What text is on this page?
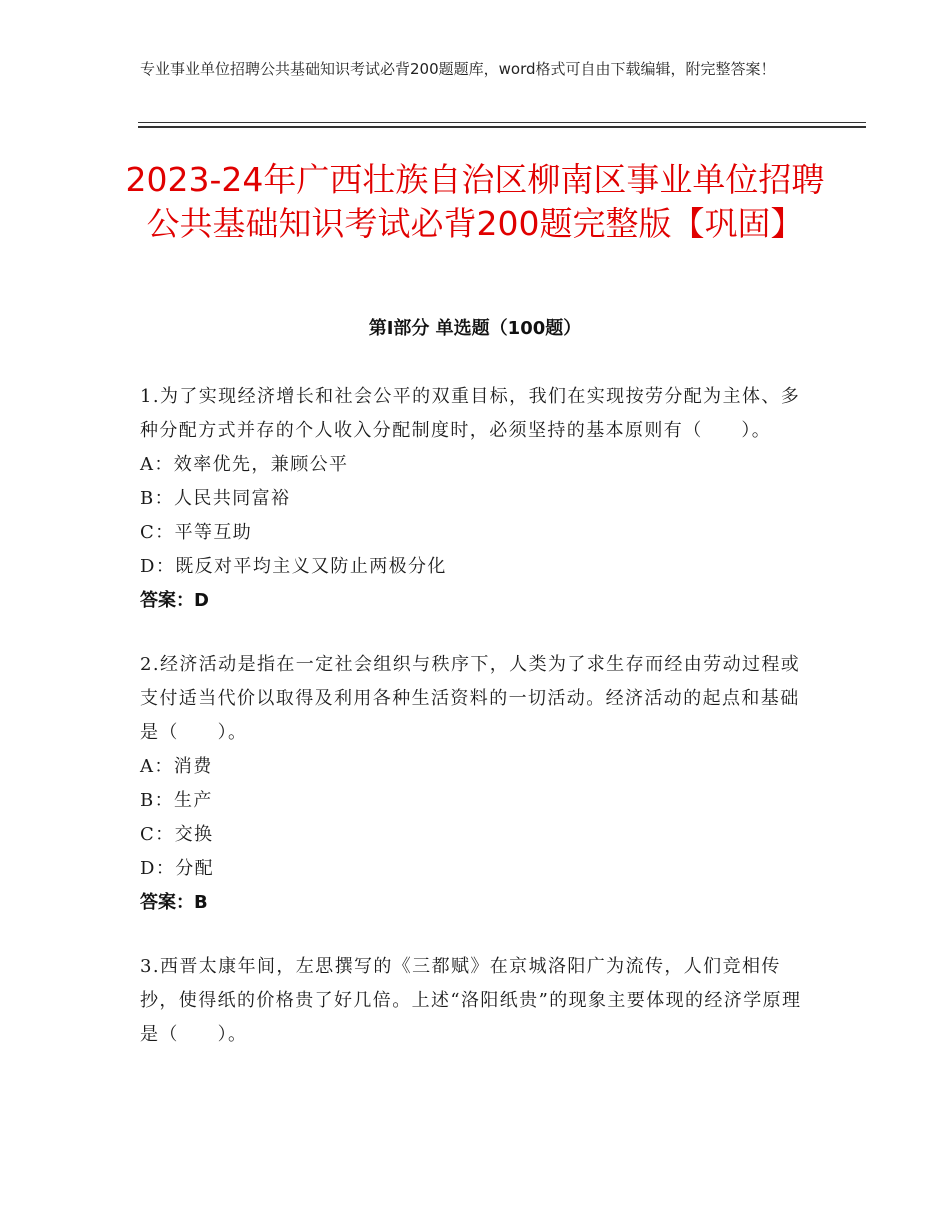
专业事业单位招聘公共基础知识考试必背200题题库，word格式可自由下载编辑，附完整答案！
2023-24年广西壮族自治区柳南区事业单位招聘公共基础知识考试必背200题完整版【巩固】
第Ⅰ部分 单选题（100题）
1.为了实现经济增长和社会公平的双重目标，我们在实现按劳分配为主体、多种分配方式并存的个人收入分配制度时，必须坚持的基本原则有（　　）。
A：效率优先，兼顾公平
B：人民共同富裕
C：平等互助
D：既反对平均主义又防止两极分化
答案：D
2.经济活动是指在一定社会组织与秩序下，人类为了求生存而经由劳动过程或支付适当代价以取得及利用各种生活资料的一切活动。经济活动的起点和基础是（　　）。
A：消费
B：生产
C：交换
D：分配
答案：B
3.西晋太康年间，左思撰写的《三都赋》在京城洛阳广为流传，人们竞相传抄，使得纸的价格贵了好几倍。上述“洛阳纸贵”的现象主要体现的经济学原理是（　　）。
